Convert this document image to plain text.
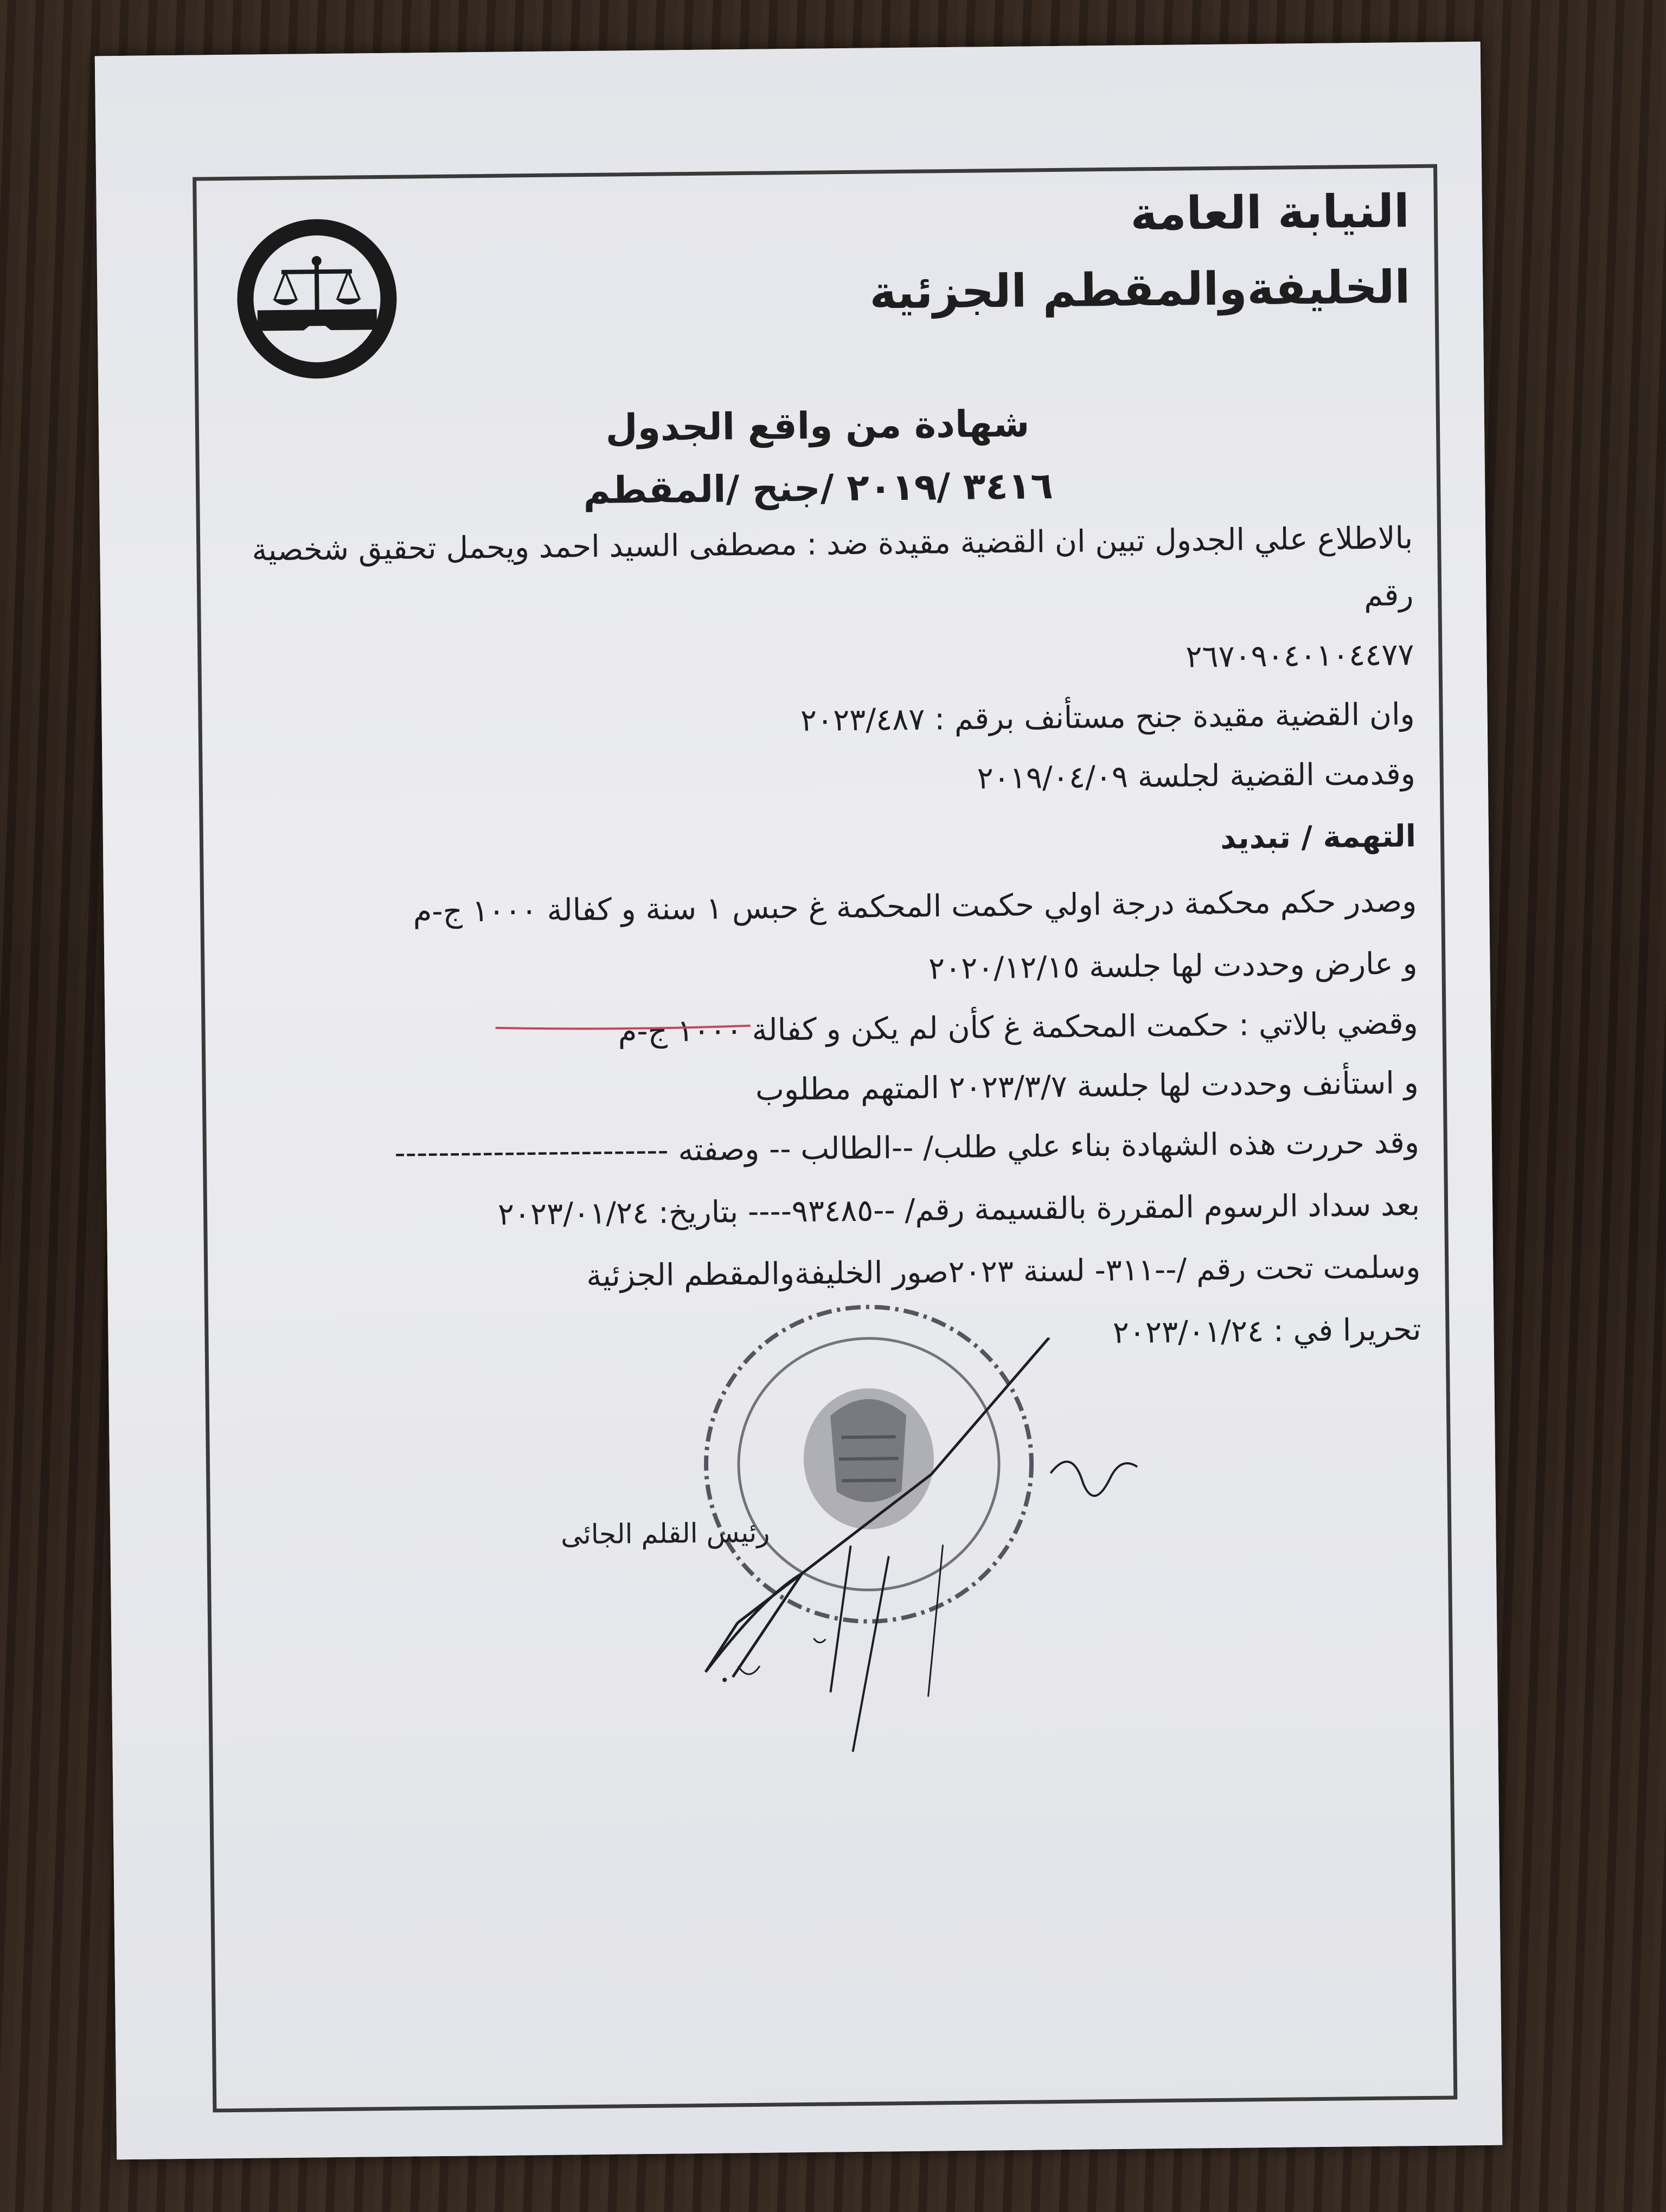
النيابة العامة
الخليفةوالمقطم الجزئية
شهادة من واقع الجدول
٣٤١٦ /٢٠١٩ /جنح /المقطم
بالاطلاع علي الجدول تبين ان القضية مقيدة ضد : مصطفى السيد احمد ويحمل تحقيق شخصية
رقم
٢٦٧٠٩٠٤٠١٠٤٤٧٧
وان القضية مقيدة جنح مستأنف برقم : ٢٠٢٣/٤٨٧
وقدمت القضية لجلسة ٢٠١٩/٠٤/٠٩
التهمة / تبديد
وصدر حكم محكمة درجة اولي حكمت المحكمة غ حبس ١ سنة و كفالة ١٠٠٠ ج-م
و عارض وحددت لها جلسة ٢٠٢٠/١٢/١٥
وقضي بالاتي : حكمت المحكمة غ كأن لم يكن و كفالة ١٠٠٠ ج-م
و استأنف وحددت لها جلسة ٢٠٢٣/٣/٧ المتهم مطلوب
وقد حررت هذه الشهادة بناء علي طلب/ --الطالب -- وصفته -------------------------
بعد سداد الرسوم المقررة بالقسيمة رقم/ --٩٣٤٨٥---- بتاريخ: ٢٠٢٣/٠١/٢٤
وسلمت تحت رقم /--٣١١- لسنة ٢٠٢٣صور الخليفةوالمقطم الجزئية
تحريرا في : ٢٠٢٣/٠١/٢٤
رئيس القلم الجائى
